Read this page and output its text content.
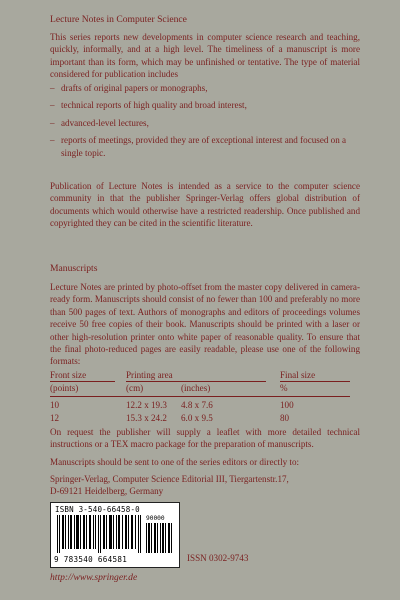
Lecture Notes in Computer Science
This series reports new developments in computer science research and teaching, quickly, informally, and at a high level. The timeliness of a manuscript is more important than its form, which may be unfinished or tentative. The type of material considered for publication includes
– drafts of original papers or monographs,
– technical reports of high quality and broad interest,
– advanced-level lectures,
– reports of meetings, provided they are of exceptional interest and focused on a single topic.
Publication of Lecture Notes is intended as a service to the computer science community in that the publisher Springer-Verlag offers global distribution of documents which would otherwise have a restricted readership. Once published and copyrighted they can be cited in the scientific literature.
Manuscripts
Lecture Notes are printed by photo-offset from the master copy delivered in camera-ready form. Manuscripts should consist of no fewer than 100 and preferably no more than 500 pages of text. Authors of monographs and editors of proceedings volumes receive 50 free copies of their book. Manuscripts should be printed with a laser or other high-resolution printer onto white paper of reasonable quality. To ensure that the final photo-reduced pages are easily readable, please use one of the following formats:
Front size	Printing area	Final size
(points)	(cm)	(inches)	%
10	12.2 x 19.3 4.8 x 7.6	100
12	15.3 x 24.2 6.0 x 9.5	80
On request the publisher will supply a leaflet with more detailed technical instructions or a TEX macro package for the preparation of manuscripts.
Manuscripts should be sent to one of the series editors or directly to:
Springer-Verlag, Computer Science Editorial III, Tiergartenstr.17,
D-69121 Heidelberg, Germany
ISBN 3-540-66458-0
90000
9 783540 664581	ISSN 0302-9743
http://www.springer.de
